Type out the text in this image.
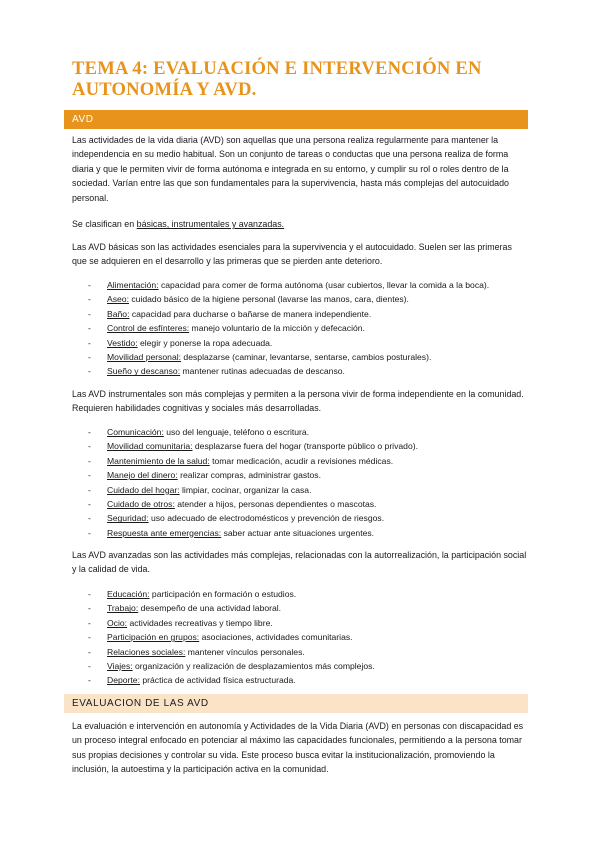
TEMA 4: EVALUACIÓN E INTERVENCIÓN EN AUTONOMÍA Y AVD.
AVD

Las actividades de la vida diaria (AVD) son aquellas que una persona realiza regularmente para mantener la independencia en su medio habitual. Son un conjunto de tareas o conductas que una persona realiza de forma diaria y que le permiten vivir de forma autónoma e integrada en su entorno, y cumplir su rol o roles dentro de la sociedad. Varían entre las que son fundamentales para la supervivencia, hasta más complejas del autocuidado personal.

Se clasifican en básicas, instrumentales y avanzadas.

Las AVD básicas son las actividades esenciales para la supervivencia y el autocuidado. Suelen ser las primeras que se adquieren en el desarrollo y las primeras que se pierden ante deterioro.

- Alimentación: capacidad para comer de forma autónoma (usar cubiertos, llevar la comida a la boca).
- Aseo: cuidado básico de la higiene personal (lavarse las manos, cara, dientes).
- Baño: capacidad para ducharse o bañarse de manera independiente.
- Control de esfínteres: manejo voluntario de la micción y defecación.
- Vestido: elegir y ponerse la ropa adecuada.
- Movilidad personal: desplazarse (caminar, levantarse, sentarse, cambios posturales).
- Sueño y descanso: mantener rutinas adecuadas de descanso.

Las AVD instrumentales son más complejas y permiten a la persona vivir de forma independiente en la comunidad. Requieren habilidades cognitivas y sociales más desarrolladas.

- Comunicación: uso del lenguaje, teléfono o escritura.
- Movilidad comunitaria: desplazarse fuera del hogar (transporte público o privado).
- Mantenimiento de la salud: tomar medicación, acudir a revisiones médicas.
- Manejo del dinero: realizar compras, administrar gastos.
- Cuidado del hogar: limpiar, cocinar, organizar la casa.
- Cuidado de otros: atender a hijos, personas dependientes o mascotas.
- Seguridad: uso adecuado de electrodomésticos y prevención de riesgos.
- Respuesta ante emergencias: saber actuar ante situaciones urgentes.

Las AVD avanzadas son las actividades más complejas, relacionadas con la autorrealización, la participación social y la calidad de vida.

- Educación: participación en formación o estudios.
- Trabajo: desempeño de una actividad laboral.
- Ocio: actividades recreativas y tiempo libre.
- Participación en grupos: asociaciones, actividades comunitarias.
- Relaciones sociales: mantener vínculos personales.
- Viajes: organización y realización de desplazamientos más complejos.
- Deporte: práctica de actividad física estructurada.
EVALUACION DE LAS AVD

La evaluación e intervención en autonomía y Actividades de la Vida Diaria (AVD) en personas con discapacidad es un proceso integral enfocado en potenciar al máximo las capacidades funcionales, permitiendo a la persona tomar sus propias decisiones y controlar su vida. Este proceso busca evitar la institucionalización, promoviendo la inclusión, la autoestima y la participación activa en la comunidad.
